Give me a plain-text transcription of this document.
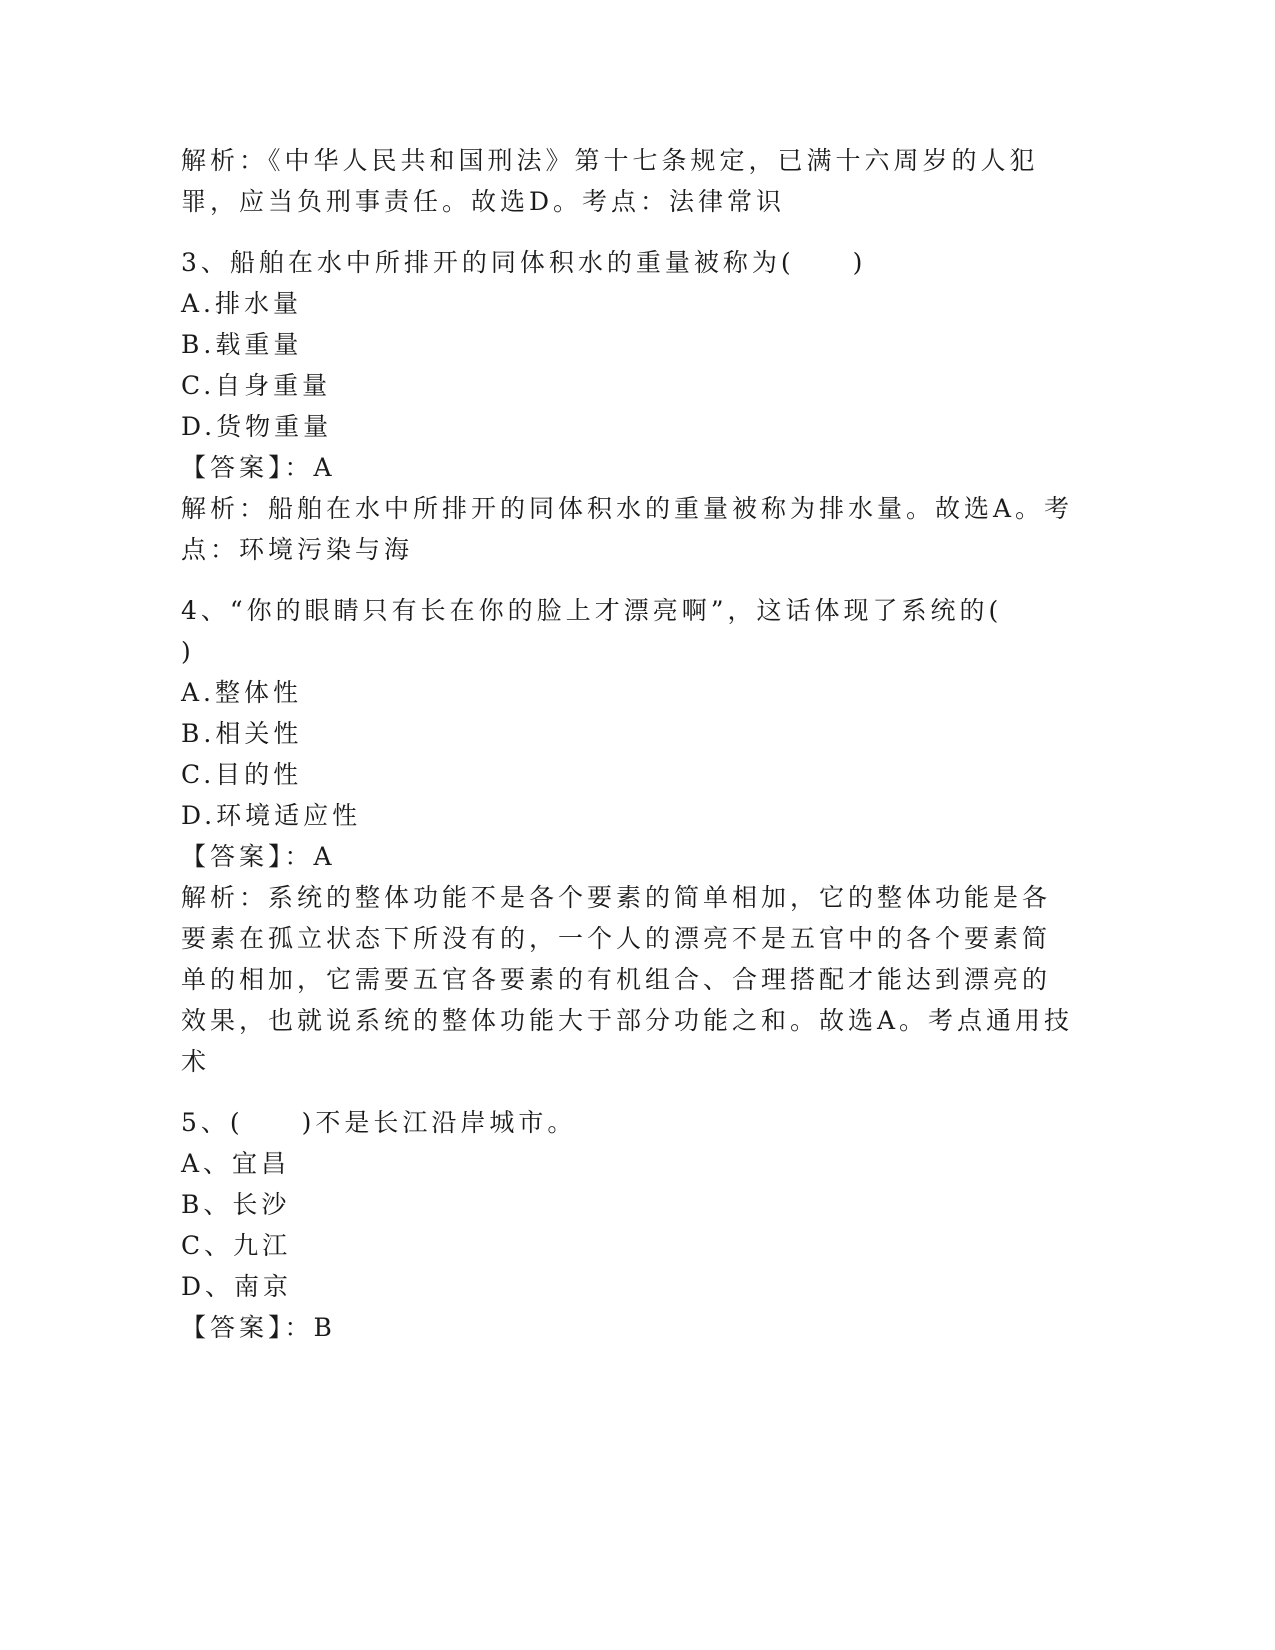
解析：《中华人民共和国刑法》第十七条规定，已满十六周岁的人犯
罪，应当负刑事责任。故选D。考点：法律常识
3、船舶在水中所排开的同体积水的重量被称为(　　)
A.排水量
B.载重量
C.自身重量
D.货物重量
【答案】：A
解析：船舶在水中所排开的同体积水的重量被称为排水量。故选A。考
点：环境污染与海
4、“你的眼睛只有长在你的脸上才漂亮啊”，这话体现了系统的(
)
A.整体性
B.相关性
C.目的性
D.环境适应性
【答案】：A
解析：系统的整体功能不是各个要素的简单相加，它的整体功能是各
要素在孤立状态下所没有的，一个人的漂亮不是五官中的各个要素简
单的相加，它需要五官各要素的有机组合、合理搭配才能达到漂亮的
效果，也就说系统的整体功能大于部分功能之和。故选A。考点通用技
术
5、(　　)不是长江沿岸城市。
A、宜昌
B、长沙
C、九江
D、南京
【答案】：B
